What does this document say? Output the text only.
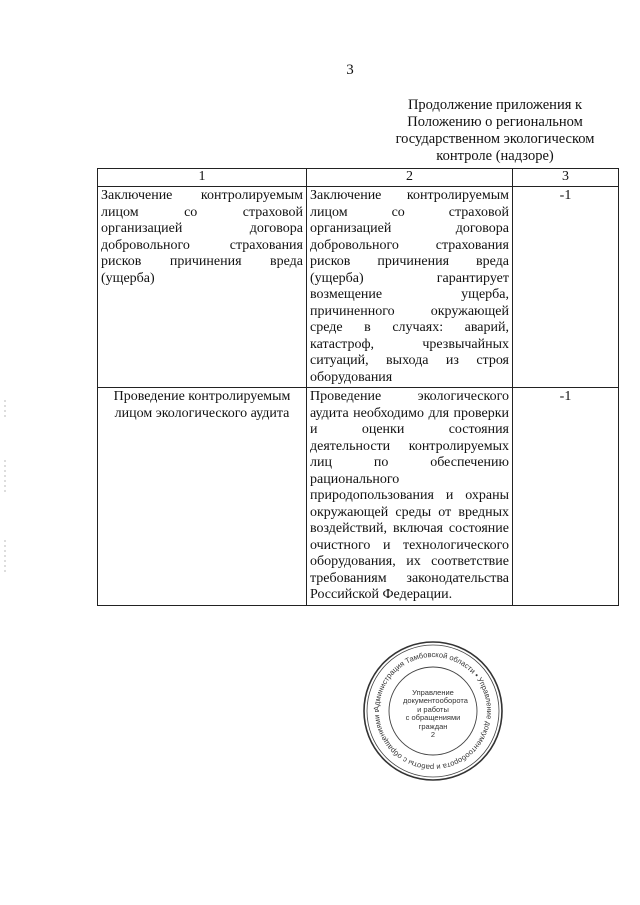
3
Продолжение приложения к
Положению о региональном
государственном экологическом
контроле (надзоре)
1	2	3
Заключение контролируемым лицом со страховой организацией договора добровольного страхования рисков причинения вреда (ущерба)	Заключение контролируемым лицом со страховой организацией договора добровольного страхования рисков причинения вреда (ущерба) гарантирует возмещение ущерба, причиненного окружающей среде в случаях: аварий, катастроф, чрезвычайных ситуаций, выхода из строя оборудования	-1
Проведение контролируемым лицом экологического аудита	Проведение экологического аудита необходимо для проверки и оценки состояния деятельности контролируемых лиц по обеспечению рационального природопользования и охраны окружающей среды от вредных воздействий, включая состояние очистного и технологического оборудования, их соответствие требованиям законодательства Российской Федерации.	-1
Администрация Тамбовской области • Управление документооборота и работы с обращениями г
Управление
документооборота
и работы
с обращениями
граждан
2
